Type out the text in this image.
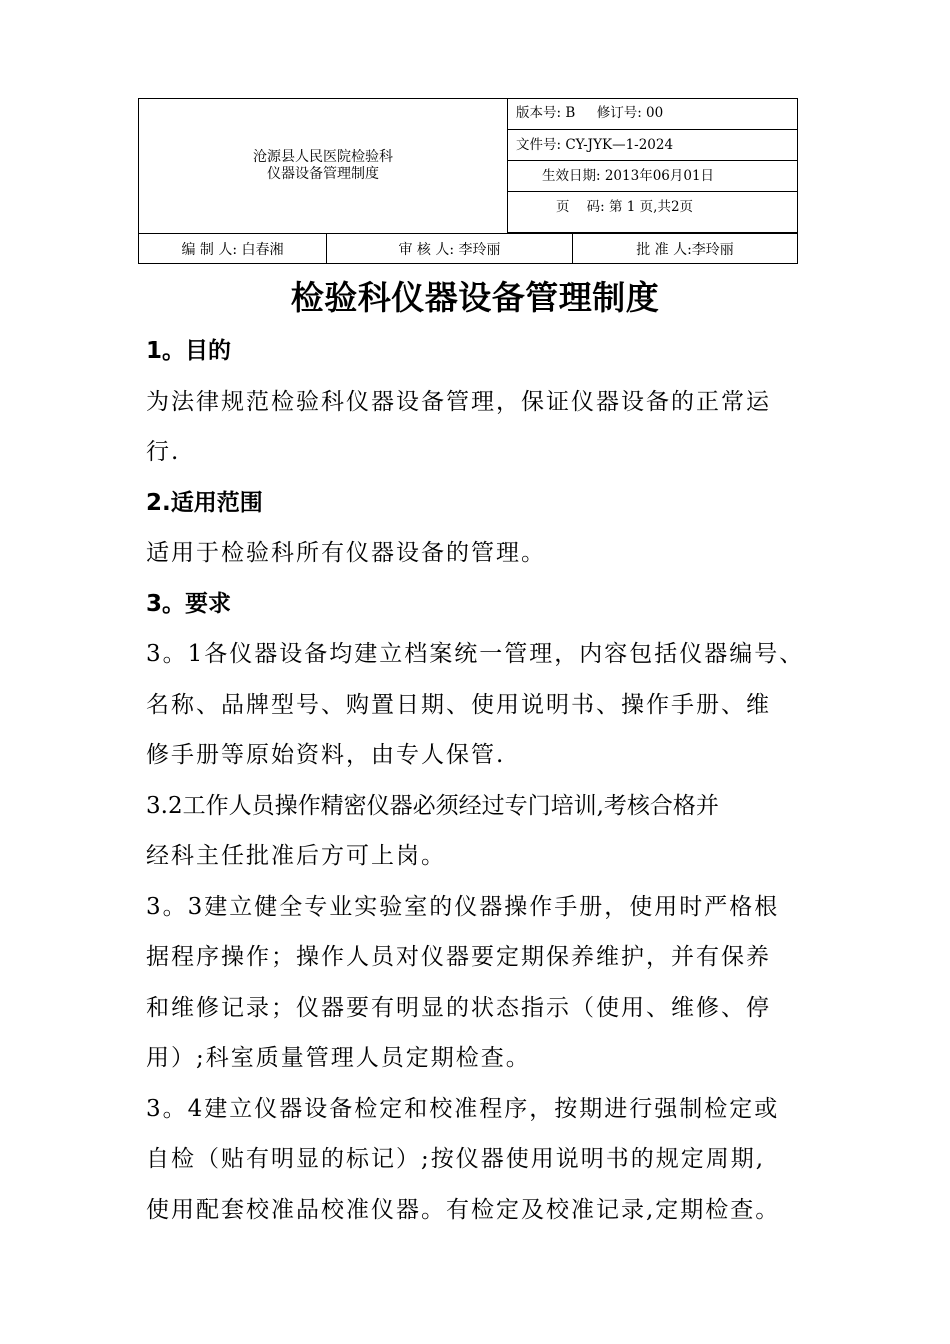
沧源县人民医院检验科
仪器设备管理制度
版本号: B     修订号: 00
文件号: CY-JYK—1-2024
生效日期: 2013年06月01日
页    码: 第 1 页,共2页
编 制 人: 白春湘	审 核 人: 李玲丽	批 准 人:李玲丽
检验科仪器设备管理制度

1。目的

为法律规范检验科仪器设备管理，保证仪器设备的正常运

行.

2.适用范围

适用于检验科所有仪器设备的管理。

3。要求

3。1各仪器设备均建立档案统一管理，内容包括仪器编号、

名称、品牌型号、购置日期、使用说明书、操作手册、维

修手册等原始资料，由专人保管.

3.2工作人员操作精密仪器必须经过专门培训,考核合格并

经科主任批准后方可上岗。

3。3建立健全专业实验室的仪器操作手册，使用时严格根

据程序操作；操作人员对仪器要定期保养维护，并有保养

和维修记录；仪器要有明显的状态指示（使用、维修、停

用）;科室质量管理人员定期检查。

3。4建立仪器设备检定和校准程序，按期进行强制检定或

自检（贴有明显的标记）;按仪器使用说明书的规定周期,

使用配套校准品校准仪器。有检定及校准记录,定期检查。
